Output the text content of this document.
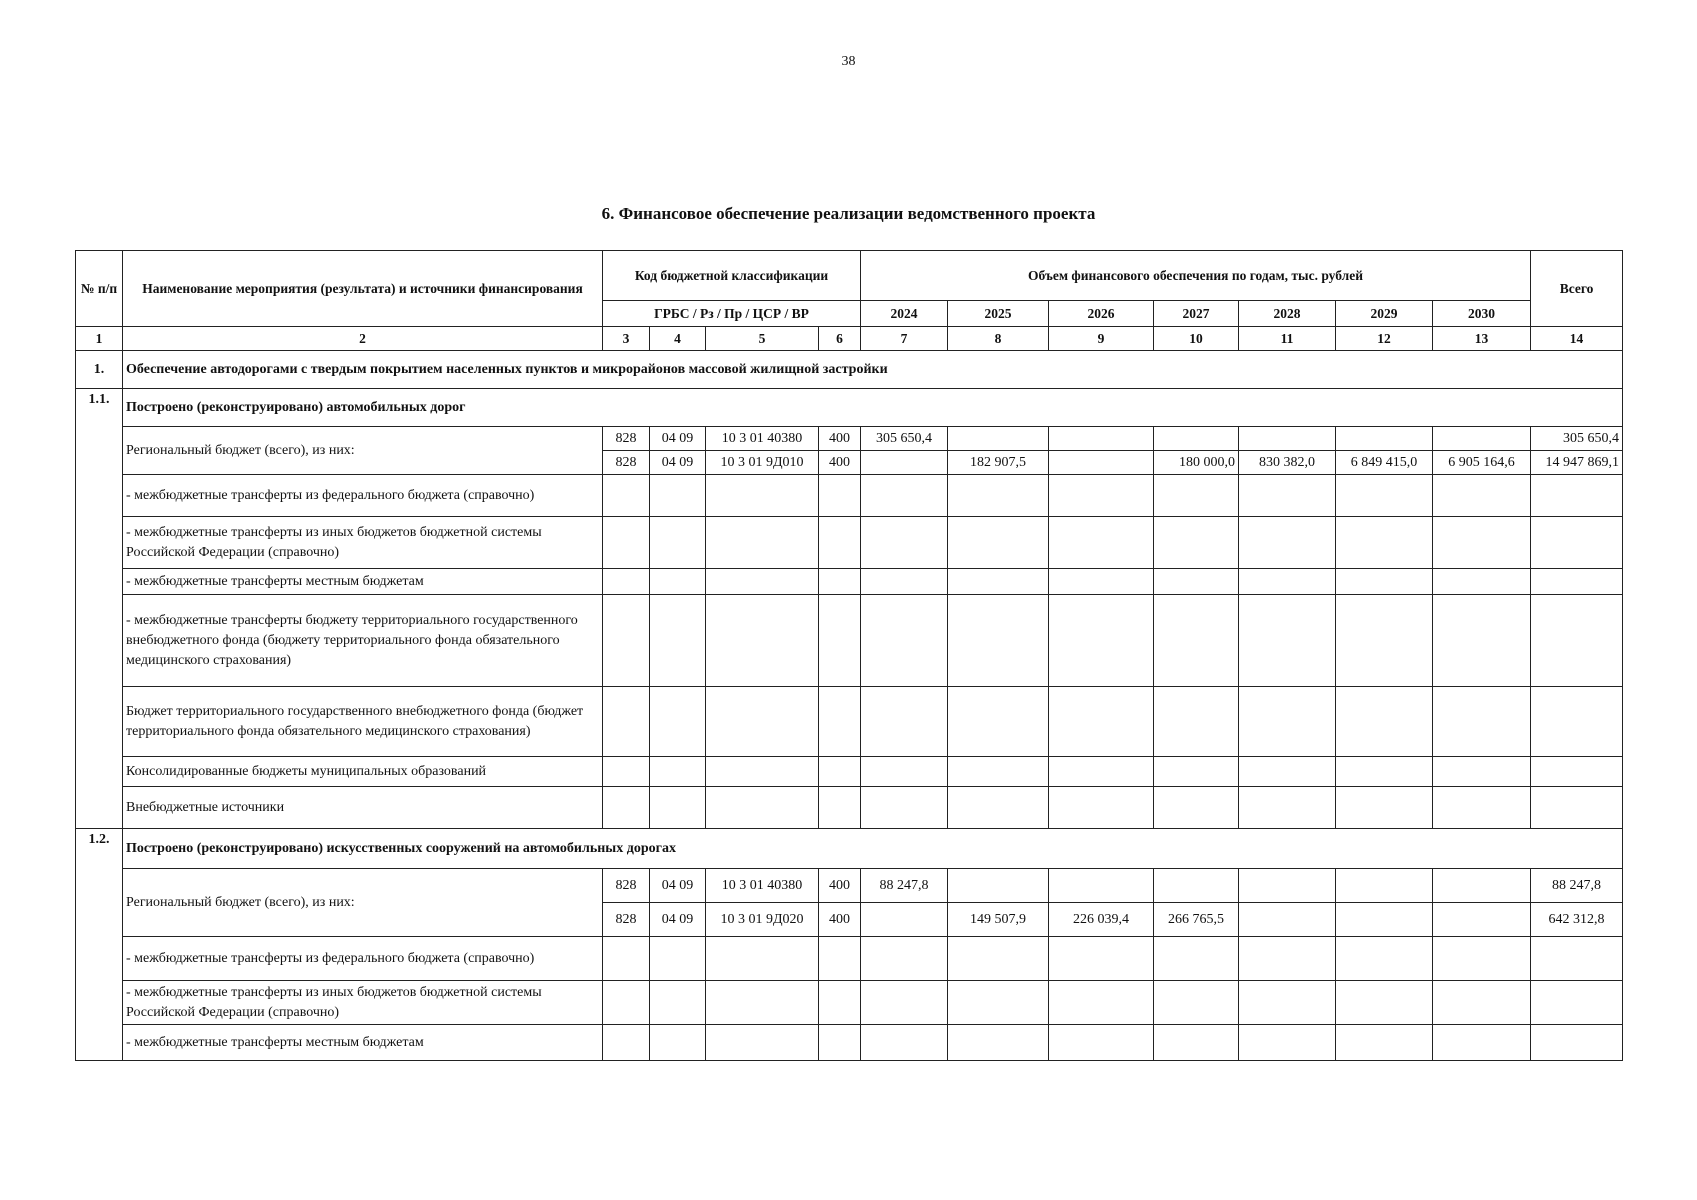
38
6. Финансовое обеспечение реализации ведомственного проекта
№ п/п	Наименование мероприятия (результата) и источники финансирования	Код бюджетной классификации				Объем финансового обеспечения по годам, тыс. рублей							Всего
		ГРБС / Рз / Пр / ЦСР / ВР				2024	2025	2026	2027	2028	2029	2030	
1	2	3	4	5	6	7	8	9	10	11	12	13	14
1.	Обеспечение автодорогами с твердым покрытием населенных пунктов и микрорайонов массовой жилищной застройки												
1.1.	Построено (реконструировано) автомобильных дорог												
	Региональный бюджет (всего), из них:	828	04 09	10 3 01 40380	400	305 650,4							305 650,4
		828	04 09	10 3 01 9Д010	400		182 907,5		180 000,0	830 382,0	6 849 415,0	6 905 164,6	14 947 869,1
	- межбюджетные трансферты из федерального бюджета (справочно)												
	- межбюджетные трансферты из иных бюджетов бюджетной системы Российской Федерации (справочно)												
	- межбюджетные трансферты местным бюджетам												
	- межбюджетные трансферты бюджету территориального государственного внебюджетного фонда (бюджету территориального фонда обязательного медицинского страхования)												
	Бюджет территориального государственного внебюджетного фонда (бюджет территориального фонда обязательного медицинского страхования)												
	Консолидированные бюджеты муниципальных образований												
	Внебюджетные источники												
1.2.	Построено (реконструировано) искусственных сооружений на автомобильных дорогах												
	Региональный бюджет (всего), из них:	828	04 09	10 3 01 40380	400	88 247,8							88 247,8
		828	04 09	10 3 01 9Д020	400		149 507,9	226 039,4	266 765,5				642 312,8
	- межбюджетные трансферты из федерального бюджета (справочно)												
	- межбюджетные трансферты из иных бюджетов бюджетной системы Российской Федерации (справочно)												
	- межбюджетные трансферты местным бюджетам												
